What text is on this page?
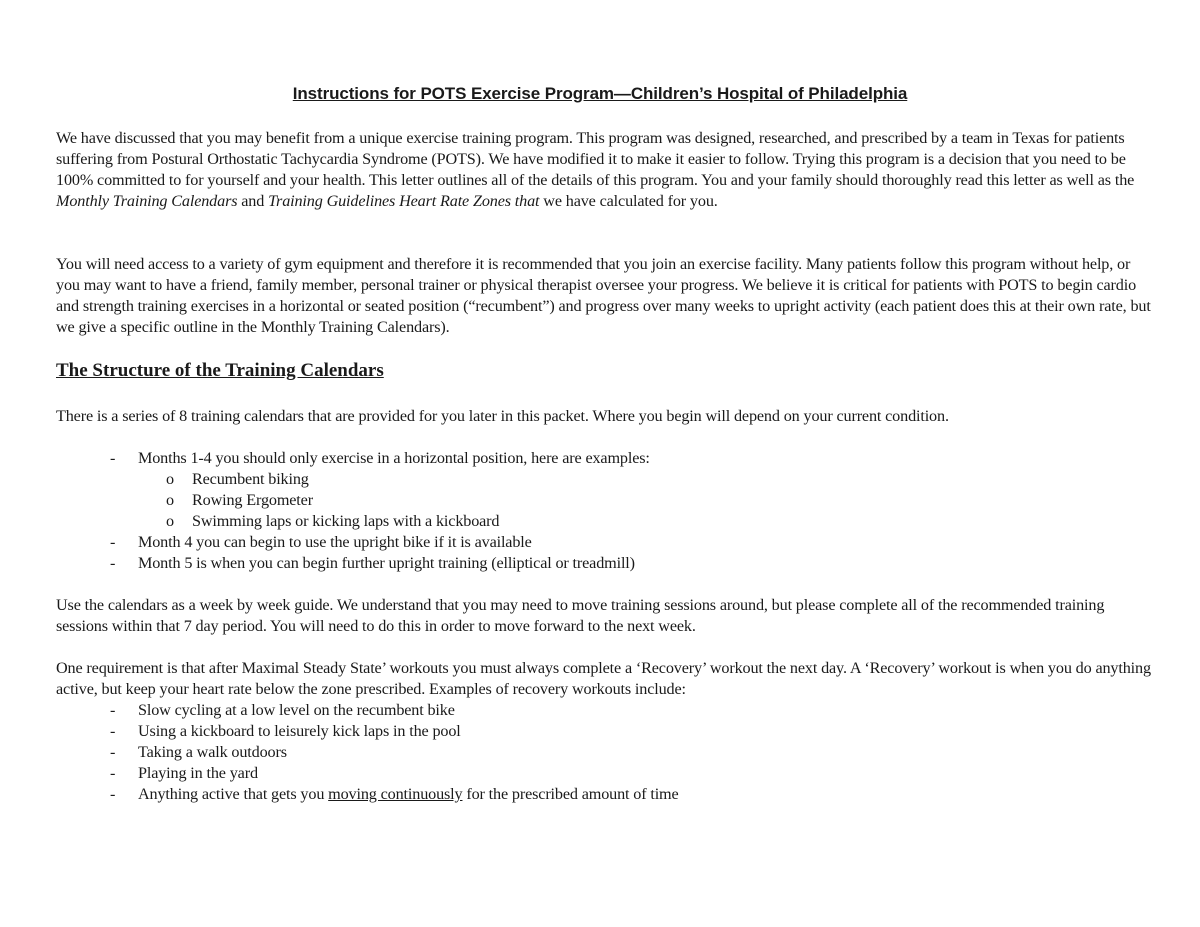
Instructions for POTS Exercise Program—Children’s Hospital of Philadelphia

We have discussed that you may benefit from a unique exercise training program. This program was designed, researched, and prescribed by a team in Texas for patients suffering from Postural Orthostatic Tachycardia Syndrome (POTS). We have modified it to make it easier to follow. Trying this program is a decision that you need to be 100% committed to for yourself and your health. This letter outlines all of the details of this program. You and your family should thoroughly read this letter as well as the Monthly Training Calendars and Training Guidelines Heart Rate Zones that we have calculated for you.

You will need access to a variety of gym equipment and therefore it is recommended that you join an exercise facility. Many patients follow this program without help, or you may want to have a friend, family member, personal trainer or physical therapist oversee your progress. We believe it is critical for patients with POTS to begin cardio and strength training exercises in a horizontal or seated position (“recumbent”) and progress over many weeks to upright activity (each patient does this at their own rate, but we give a specific outline in the Monthly Training Calendars).

The Structure of the Training Calendars

There is a series of 8 training calendars that are provided for you later in this packet. Where you begin will depend on your current condition.

- Months 1-4 you should only exercise in a horizontal position, here are examples:
o Recumbent biking
o Rowing Ergometer
o Swimming laps or kicking laps with a kickboard
- Month 4 you can begin to use the upright bike if it is available
- Month 5 is when you can begin further upright training (elliptical or treadmill)

Use the calendars as a week by week guide. We understand that you may need to move training sessions around, but please complete all of the recommended training sessions within that 7 day period. You will need to do this in order to move forward to the next week.

One requirement is that after Maximal Steady State’ workouts you must always complete a ‘Recovery’ workout the next day. A ‘Recovery’ workout is when you do anything active, but keep your heart rate below the zone prescribed. Examples of recovery workouts include:

- Slow cycling at a low level on the recumbent bike
- Using a kickboard to leisurely kick laps in the pool
- Taking a walk outdoors
- Playing in the yard
- Anything active that gets you moving continuously for the prescribed amount of time
